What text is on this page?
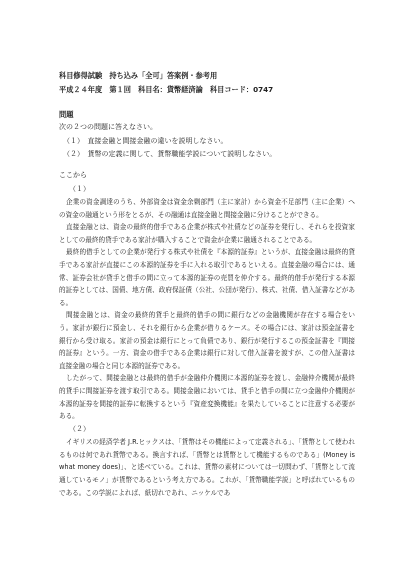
科目修得試験　持ち込み「全可」答案例・参考用
平成２４年度　第１回　科目名：貨幣経済論　科目コード：0747
問題
次の２つの問題に答えなさい。
（１）　直接金融と間接金融の違いを説明しなさい。
（２）　貨幣の定義に関して、貨幣職能学説について説明しなさい。
ここから
（１）

企業の資金調達のうち、外部資金は資金余剰部門（主に家計）から資金不足部門（主に企業）への資金の融通という形をとるが、その融通は直接金融と間接金融に分けることができる。

直接金融とは、資金の最終的借手である企業が株式や社債などの証券を発行し、それらを投資家としての最終的貸手である家計が購入することで資金が企業に融通されることである。

最終的借手としての企業が発行する株式や社債を『本源的証券』というが、直接金融は最終的貸手である家計が直接にこの本源的証券を手に入れる取引であるといえる。直接金融の場合には、通常、証券会社が貸手と借手の間に立って本源的証券の売買を仲介する。最終的借手が発行する本源的証券としては、国債、地方債、政府保証債（公社、公団が発行）、株式、社債、借入証書などがある。

間接金融とは、資金の最終的貸手と最終的借手の間に銀行などの金融機関が存在する場合をいう。家計が銀行に預金し、それを銀行から企業が借りるケース。その場合には、家計は預金証書を銀行から受け取る。家計の預金は銀行にとって負債であり、銀行が発行するこの預金証書を『間接的証券』という。一方、資金の借手である企業は銀行に対して借入証書を渡すが、この借入証書は直接金融の場合と同じ本源的証券である。

したがって、間接金融とは最終的借手が金融仲介機関に本源的証券を渡し、金融仲介機関が最終的貸手に間接証券を渡す取引である。間接金融においては、貸手と借手の間に立つ金融仲介機関が本源的証券を間接的証券に転換するという『資産変換機能』を果たしていることに注意する必要がある。

（２）

イギリスの経済学者 J.R.ヒックスは、「貨幣はその機能によって定義される」、「貨幣として使われるものは何であれ貨幣である。換言すれば、「貨幣とは貨幣として機能するものである」(Money is what money does)」、と述べている。これは、貨幣の素材については一切問わず、「貨幣として流通しているモノ」が貨幣であるという考え方である。これが、「貨幣職能学説」と呼ばれているものである。この学説によれば、紙切れであれ、ニッケルであ
